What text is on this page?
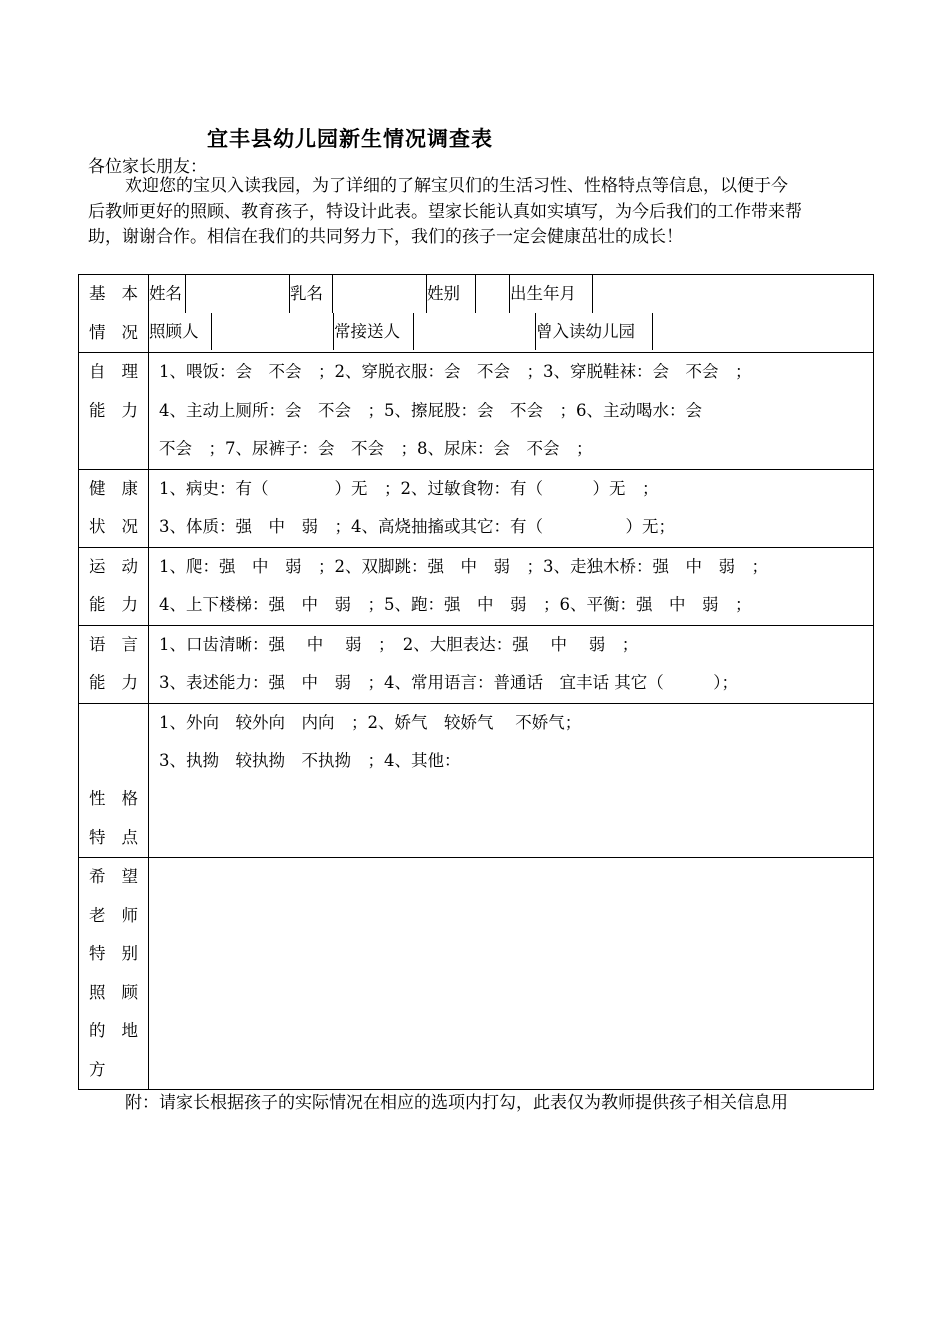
宜丰县幼儿园新生情况调查表
各位家长朋友：
欢迎您的宝贝入读我园，为了详细的了解宝贝们的生活习性、性格特点等信息，以便于今
后教师更好的照顾、教育孩子，特设计此表。望家长能认真如实填写，为今后我们的工作带来帮
助，谢谢合作。相信在我们的共同努力下，我们的孩子一定会健康茁壮的成长！
基 本
情 况

姓名		乳名		姓别		出生年月	
照顾人		常接送人		曾入读幼儿园	

自 理
能 力

1、喂饭：会　不会　；2、穿脱衣服：会　不会　；3、穿脱鞋袜：会　不会　；
4、主动上厕所：会　不会　；5、擦屁股：会　不会　；6、主动喝水：会
不会　；7、尿裤子：会　不会　；8、尿床：会　不会　；

健 康
状 况

1、病史：有（　　　　）无　；2、过敏食物：有（　　　）无　；
3、体质：强　中　弱　；4、高烧抽搐或其它：有（　　　　　）无；

运 动
能 力

1、爬：强　中　弱　；2、双脚跳：强　中　弱　；3、走独木桥：强　中　弱　；
4、上下楼梯：强　中　弱　；5、跑：强　中　弱　；6、平衡：强　中　弱　；

语 言
能 力

1、口齿清晰：强　 中　 弱　；　2、大胆表达：强　 中　 弱　；
3、表述能力：强　中　弱　；4、常用语言：普通话　宜丰话 其它（　　　）；

性 格
特 点

1、外向　较外向　内向　；2、娇气　较娇气　 不娇气；
3、执拗　较执拗　不执拗　；4、其他：

希 望
老 师
特 别
照 顾
的 地
方

附：请家长根据孩子的实际情况在相应的选项内打勾，此表仅为教师提供孩子相关信息用
